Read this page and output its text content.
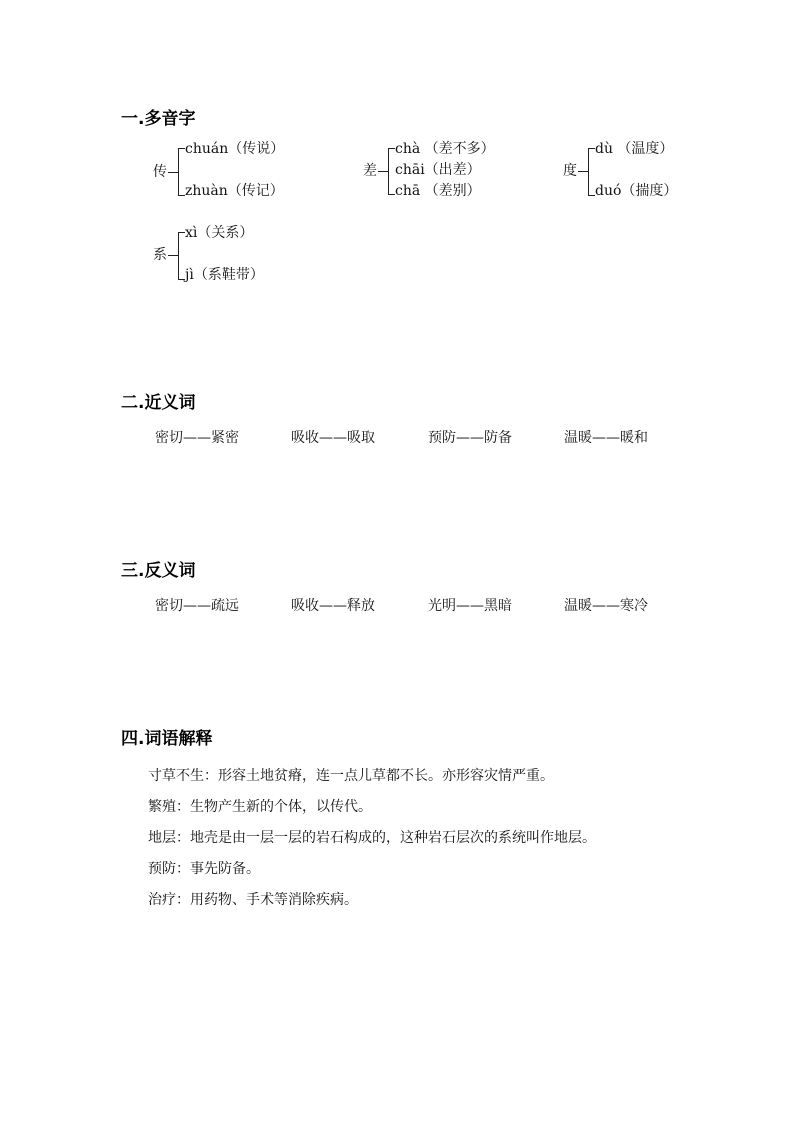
一.多音字
传
chuán（传说）
zhuàn（传记）
差
chà （差不多）
chāi（出差）
chā （差别）
度
dù （温度）
duó（揣度）
系
xì（关系）
jì（系鞋带）
二.近义词
密切——紧密	吸收——吸取	预防——防备	温暖——暖和
三.反义词
密切——疏远	吸收——释放	光明——黑暗	温暖——寒冷
四.词语解释
寸草不生：形容土地贫瘠，连一点儿草都不长。亦形容灾情严重。
繁殖：生物产生新的个体，以传代。
地层：地壳是由一层一层的岩石构成的，这种岩石层次的系统叫作地层。
预防：事先防备。
治疗：用药物、手术等消除疾病。
